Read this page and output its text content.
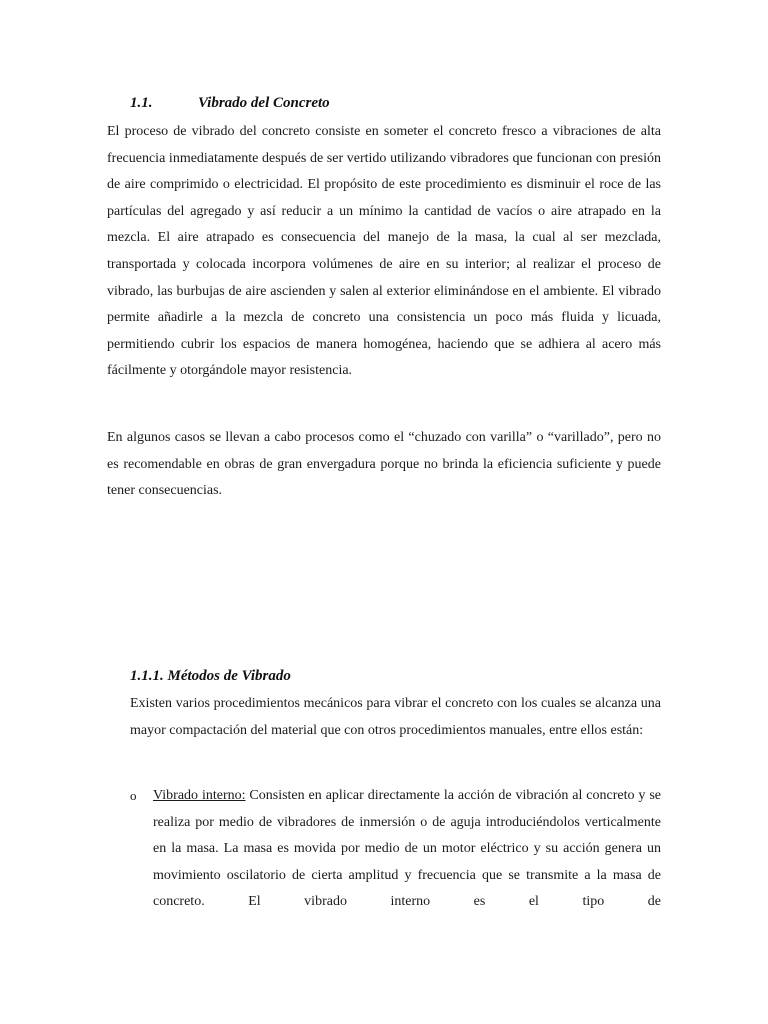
1.1.	Vibrado del Concreto
El proceso de vibrado del concreto consiste en someter el concreto fresco a vibraciones de alta frecuencia inmediatamente después de ser vertido utilizando vibradores que funcionan con presión de aire comprimido o electricidad. El propósito de este procedimiento es disminuir el roce de las partículas del agregado y así reducir a un mínimo la cantidad de vacíos o aire atrapado en la mezcla. El aire atrapado es consecuencia del manejo de la masa, la cual al ser mezclada, transportada y colocada incorpora volúmenes de aire en su interior; al realizar el proceso de vibrado, las burbujas de aire ascienden y salen al exterior eliminándose en el ambiente. El vibrado permite añadirle a la mezcla de concreto una consistencia un poco más fluida y licuada, permitiendo cubrir los espacios de manera homogénea, haciendo que se adhiera al acero más fácilmente y otorgándole mayor resistencia.
En algunos casos se llevan a cabo procesos como el “chuzado con varilla” o “varillado”, pero no es recomendable en obras de gran envergadura porque no brinda la eficiencia suficiente y puede tener consecuencias.
1.1.1. Métodos de Vibrado
Existen varios procedimientos mecánicos para vibrar el concreto con los cuales se alcanza una mayor compactación del material que con otros procedimientos manuales, entre ellos están:
o Vibrado interno: Consisten en aplicar directamente la acción de vibración al concreto y se realiza por medio de vibradores de inmersión o de aguja introduciéndolos verticalmente en la masa. La masa es movida por medio de un motor eléctrico y su acción genera un movimiento oscilatorio de cierta amplitud y frecuencia que se transmite a la masa de concreto. El vibrado interno es el tipo de
